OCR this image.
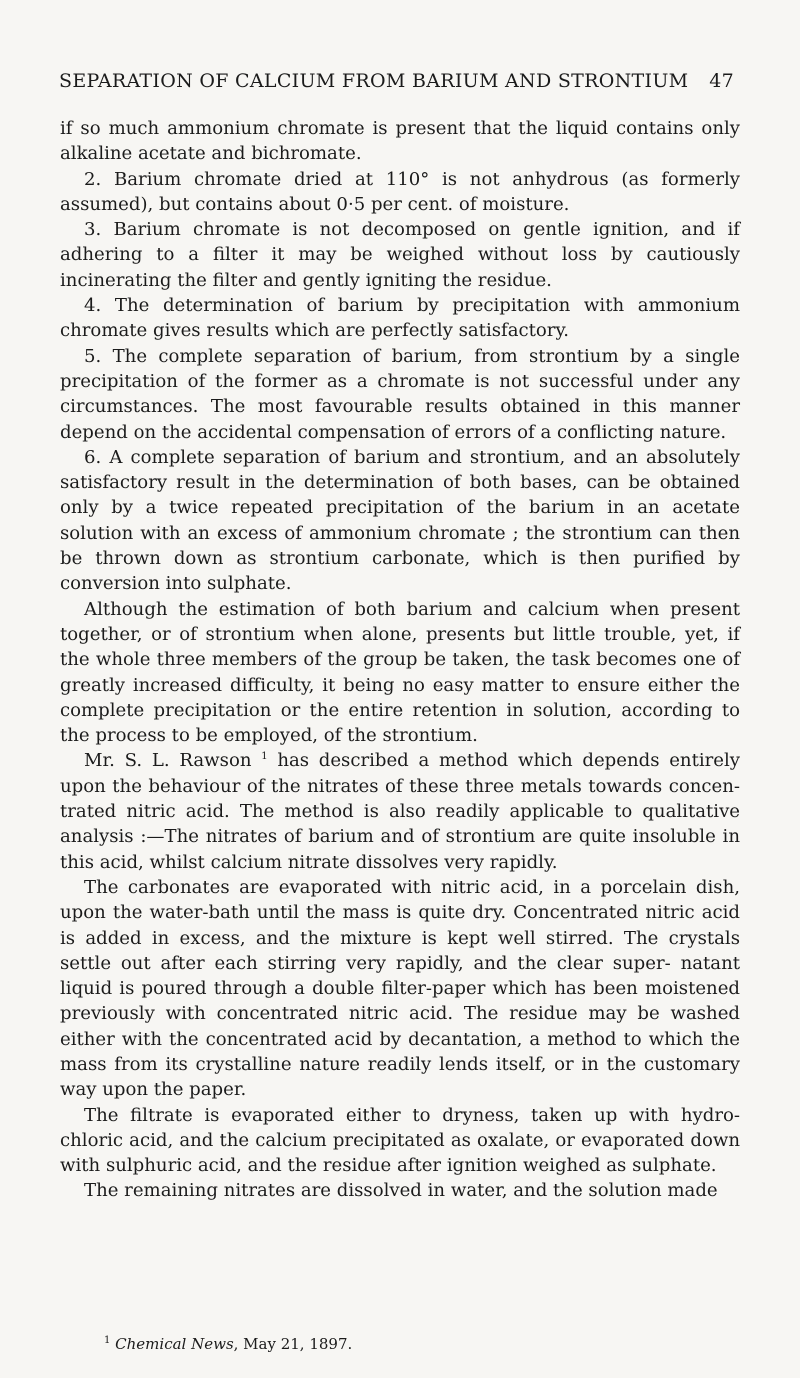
SEPARATION OF CALCIUM FROM BARIUM AND STRONTIUM 47

if so much ammonium chromate is present that the liquid contains only alkaline acetate and bichromate.

2. Barium chromate dried at 110° is not anhydrous (as formerly assumed), but contains about 0·5 per cent. of moisture.

3. Barium chromate is not decomposed on gentle ignition, and if adhering to a filter it may be weighed without loss by cautiously incinerating the filter and gently igniting the residue.

4. The determination of barium by precipitation with ammonium chromate gives results which are perfectly satisfactory.

5. The complete separation of barium, from strontium by a single precipitation of the former as a chromate is not successful under any circumstances. The most favourable results obtained in this manner depend on the accidental compensation of errors of a conflicting nature.

6. A complete separation of barium and strontium, and an absolutely satisfactory result in the determination of both bases, can be obtained only by a twice repeated precipitation of the barium in an acetate solution with an excess of ammonium chromate ; the strontium can then be thrown down as strontium carbonate, which is then purified by conversion into sulphate.

Although the estimation of both barium and calcium when present together, or of strontium when alone, presents but little trouble, yet, if the whole three members of the group be taken, the task becomes one of greatly increased difficulty, it being no easy matter to ensure either the complete precipitation or the entire retention in solution, according to the process to be employed, of the strontium.

Mr. S. L. Rawson $^1$ has described a method which depends entirely upon the behaviour of the nitrates of these three metals towards concen- trated nitric acid. The method is also readily applicable to qualitative analysis :—The nitrates of barium and of strontium are quite insoluble in this acid, whilst calcium nitrate dissolves very rapidly.

The carbonates are evaporated with nitric acid, in a porcelain dish, upon the water-bath until the mass is quite dry. Concentrated nitric acid is added in excess, and the mixture is kept well stirred. The crystals settle out after each stirring very rapidly, and the clear super- natant liquid is poured through a double filter-paper which has been moistened previously with concentrated nitric acid. The residue may be washed either with the concentrated acid by decantation, a method to which the mass from its crystalline nature readily lends itself, or in the customary way upon the paper.

The filtrate is evaporated either to dryness, taken up with hydro- chloric acid, and the calcium precipitated as oxalate, or evaporated down with sulphuric acid, and the residue after ignition weighed as sulphate.

The remaining nitrates are dissolved in water, and the solution made

$^1$ Chemical News, May 21, 1897.
